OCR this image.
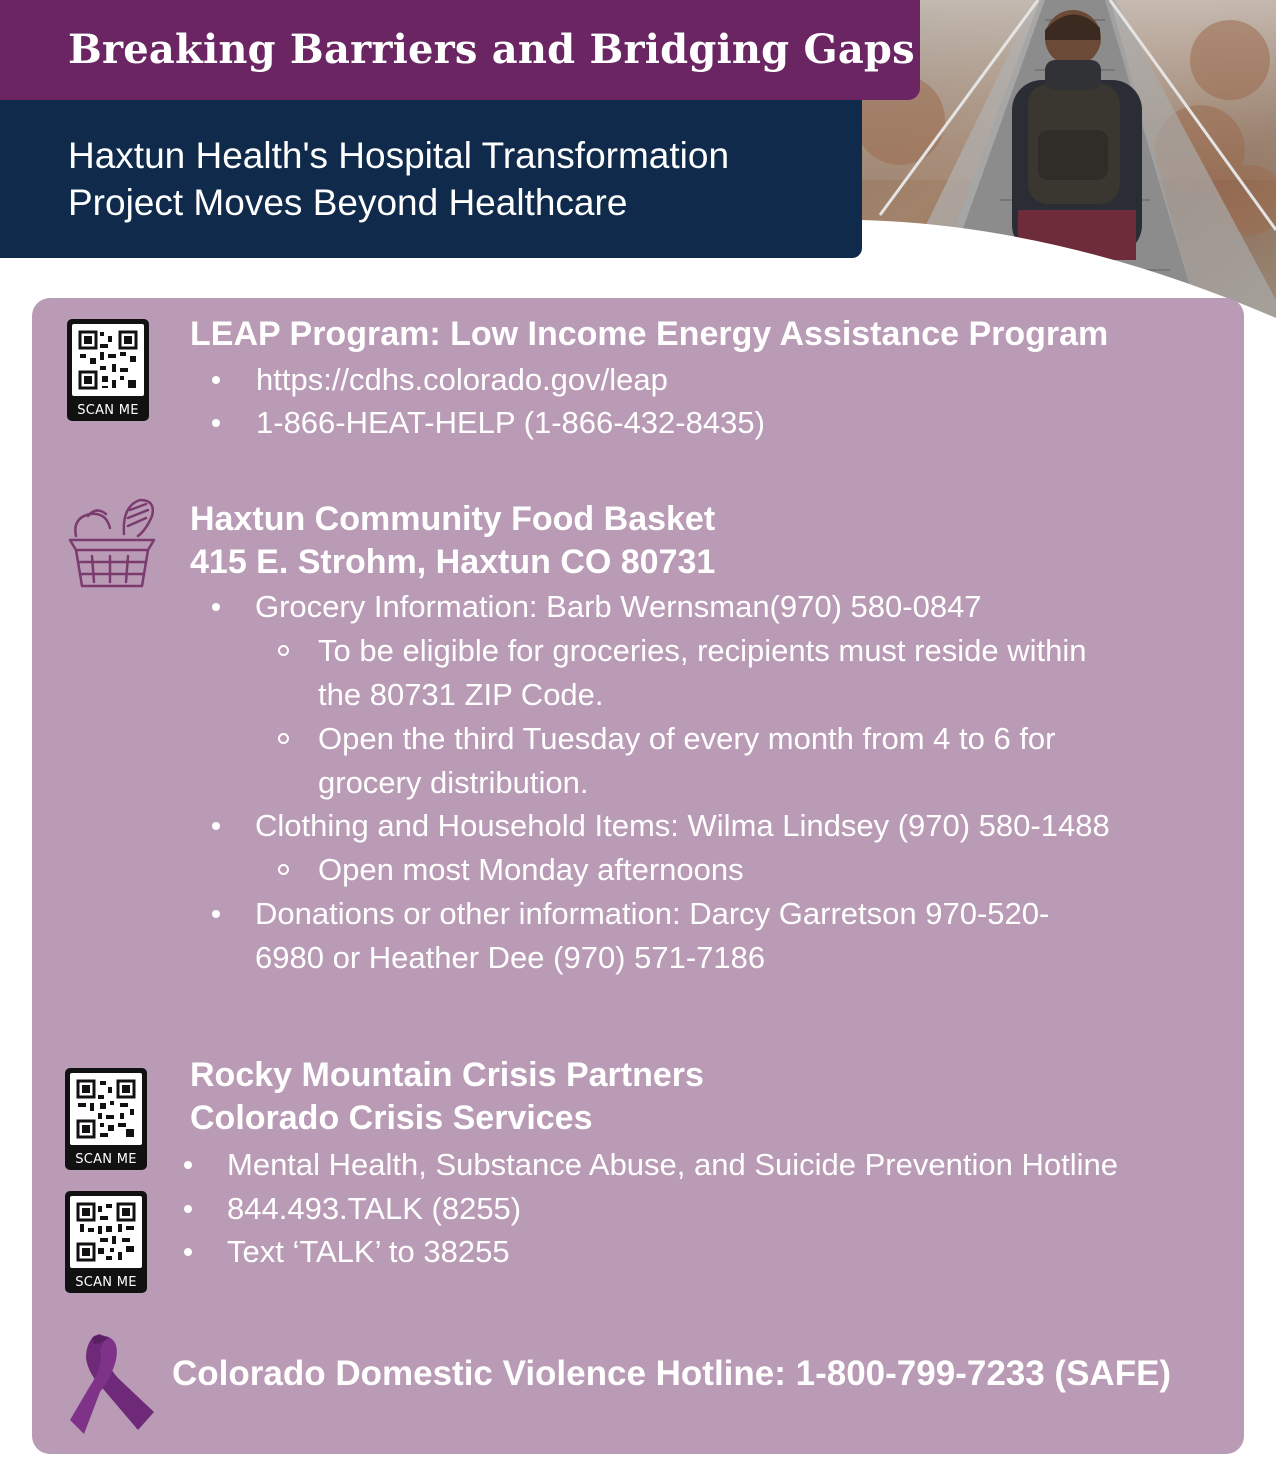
Breaking Barriers and Bridging Gaps

Haxtun Health's Hospital Transformation
Project Moves Beyond Healthcare

SCAN ME
LEAP Program: Low Income Energy Assistance Program
https://cdhs.colorado.gov/leap
1-866-HEAT-HELP (1-866-432-8435)
Haxtun Community Food Basket
415 E. Strohm, Haxtun CO 80731
Grocery Information: Barb Wernsman(970) 580-0847
To be eligible for groceries, recipients must reside within
the 80731 ZIP Code.
Open the third Tuesday of every month from 4 to 6 for
grocery distribution.
Clothing and Household Items: Wilma Lindsey (970) 580-1488
Open most Monday afternoons
Donations or other information: Darcy Garretson 970-520-
6980 or Heather Dee (970) 571-7186
SCAN ME
SCAN ME
Rocky Mountain Crisis Partners
Colorado Crisis Services
Mental Health, Substance Abuse, and Suicide Prevention Hotline
844.493.TALK (8255)
Text ‘TALK’ to 38255
Colorado Domestic Violence Hotline: 1-800-799-7233 (SAFE)
